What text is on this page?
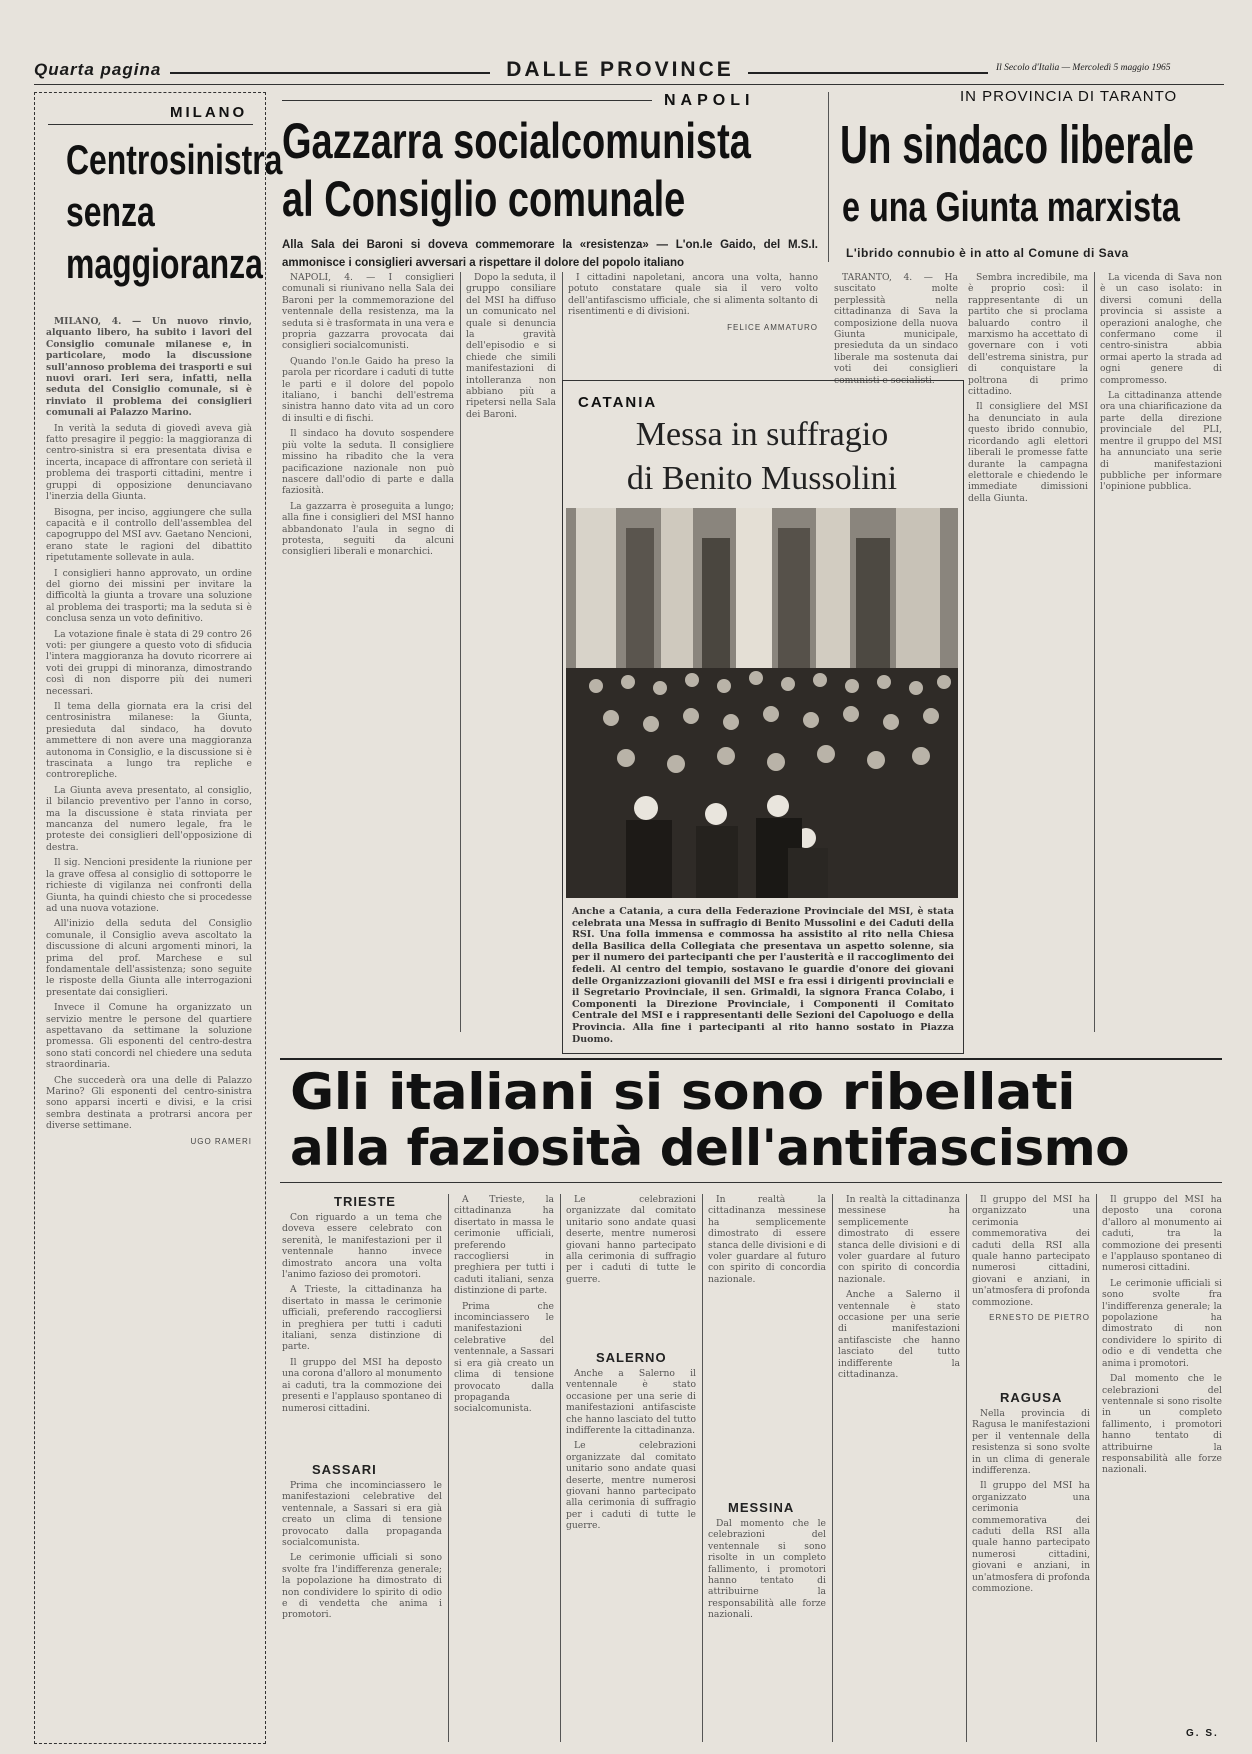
Quarta pagina	DALLE PROVINCE	Il Secolo d'Italia — Mercoledì 5 maggio 1965
MILANO
Centrosinistra
senza
maggioranza

MILANO, 4. — Un nuovo rinvio, alquanto libero, ha subito i lavori del Consiglio comunale milanese e, in particolare, modo la discussione sull'annoso problema dei trasporti e sui nuovi orari. Ieri sera, infatti, nella seduta del Consiglio comunale, si è rinviato il problema dei consiglieri comunali ai Palazzo Marino.

In verità la seduta di giovedì aveva già fatto presagire il peggio: la maggioranza di centro-sinistra si era presentata divisa e incerta, incapace di affrontare con serietà il problema dei trasporti cittadini, mentre i gruppi di opposizione denunciavano l'inerzia della Giunta.

Bisogna, per inciso, aggiungere che sulla capacità e il controllo dell'assemblea del capogruppo del MSI avv. Gaetano Nencioni, erano state le ragioni del dibattito ripetutamente sollevate in aula.

I consiglieri hanno approvato, un ordine del giorno dei missini per invitare la difficoltà la giunta a trovare una soluzione al problema dei trasporti; ma la seduta si è conclusa senza un voto definitivo.

La votazione finale è stata di 29 contro 26 voti: per giungere a questo voto di sfiducia l'intera maggioranza ha dovuto ricorrere ai voti dei gruppi di minoranza, dimostrando così di non disporre più dei numeri necessari.

Il tema della giornata era la crisi del centrosinistra milanese: la Giunta, presieduta dal sindaco, ha dovuto ammettere di non avere una maggioranza autonoma in Consiglio, e la discussione si è trascinata a lungo tra repliche e controrepliche.

La Giunta aveva presentato, al consiglio, il bilancio preventivo per l'anno in corso, ma la discussione è stata rinviata per mancanza del numero legale, fra le proteste dei consiglieri dell'opposizione di destra.

Il sig. Nencioni presidente la riunione per la grave offesa al consiglio di sottoporre le richieste di vigilanza nei confronti della Giunta, ha quindi chiesto che si procedesse ad una nuova votazione.

All'inizio della seduta del Consiglio comunale, il Consiglio aveva ascoltato la discussione di alcuni argomenti minori, la prima del prof. Marchese e sul fondamentale dell'assistenza; sono seguite le risposte della Giunta alle interrogazioni presentate dai consiglieri.

Invece il Comune ha organizzato un servizio mentre le persone del quartiere aspettavano da settimane la soluzione promessa. Gli esponenti del centro-destra sono stati concordi nel chiedere una seduta straordinaria.

Che succederà ora una delle di Palazzo Marino? Gli esponenti del centro-sinistra sono apparsi incerti e divisi, e la crisi sembra destinata a protrarsi ancora per diverse settimane.

UGO RAMERI
NAPOLI
Gazzarra socialcomunista
al Consiglio comunale
Alla Sala dei Baroni si doveva commemorare la «resistenza» — L'on.le Gaido, del M.S.I. ammonisce i consiglieri avversari a rispettare il dolore del popolo italiano

NAPOLI, 4. — I consiglieri comunali si riunivano nella Sala dei Baroni per la commemorazione del ventennale della resistenza, ma la seduta si è trasformata in una vera e propria gazzarra provocata dai consiglieri socialcomunisti.

Quando l'on.le Gaido ha preso la parola per ricordare i caduti di tutte le parti e il dolore del popolo italiano, i banchi dell'estrema sinistra hanno dato vita ad un coro di insulti e di fischi.

Il sindaco ha dovuto sospendere più volte la seduta. Il consigliere missino ha ribadito che la vera pacificazione nazionale non può nascere dall'odio di parte e dalla faziosità.

La gazzarra è proseguita a lungo; alla fine i consiglieri del MSI hanno abbandonato l'aula in segno di protesta, seguiti da alcuni consiglieri liberali e monarchici.

Dopo la seduta, il gruppo consiliare del MSI ha diffuso un comunicato nel quale si denuncia la gravità dell'episodio e si chiede che simili manifestazioni di intolleranza non abbiano più a ripetersi nella Sala dei Baroni.

I cittadini napoletani, ancora una volta, hanno potuto constatare quale sia il vero volto dell'antifascismo ufficiale, che si alimenta soltanto di risentimenti e di divisioni.

FELICE AMMATURO
CATANIA
Messa in suffragio
di Benito Mussolini
Anche a Catania, a cura della Federazione Provinciale del MSI, è stata celebrata una Messa in suffragio di Benito Mussolini e dei Caduti della RSI. Una folla immensa e commossa ha assistito al rito nella Chiesa della Basilica della Collegiata che presentava un aspetto solenne, sia per il numero dei partecipanti che per l'austerità e il raccoglimento dei fedeli. Al centro del tempio, sostavano le guardie d'onore dei giovani delle Organizzazioni giovanili del MSI e fra essi i dirigenti provinciali e il Segretario Provinciale, il sen. Grimaldi, la signora Franca Colabo, i Componenti la Direzione Provinciale, i Componenti il Comitato Centrale del MSI e i rappresentanti delle Sezioni del Capoluogo e della Provincia. Alla fine i partecipanti al rito hanno sostato in Piazza Duomo.
IN PROVINCIA DI TARANTO
Un sindaco liberale
e una Giunta marxista
L'ibrido connubio è in atto al Comune di Sava

TARANTO, 4. — Ha suscitato molte perplessità nella cittadinanza di Sava la composizione della nuova Giunta municipale, presieduta da un sindaco liberale ma sostenuta dai voti dei consiglieri comunisti e socialisti.

Sembra incredibile, ma è proprio così: il rappresentante di un partito che si proclama baluardo contro il marxismo ha accettato di governare con i voti dell'estrema sinistra, pur di conquistare la poltrona di primo cittadino.

Il consigliere del MSI ha denunciato in aula questo ibrido connubio, ricordando agli elettori liberali le promesse fatte durante la campagna elettorale e chiedendo le immediate dimissioni della Giunta.

La vicenda di Sava non è un caso isolato: in diversi comuni della provincia si assiste a operazioni analoghe, che confermano come il centro-sinistra abbia ormai aperto la strada ad ogni genere di compromesso.

La cittadinanza attende ora una chiarificazione da parte della direzione provinciale del PLI, mentre il gruppo del MSI ha annunciato una serie di manifestazioni pubbliche per informare l'opinione pubblica.

Gli italiani si sono ribellati
alla faziosità dell'antifascismo
TRIESTE

Con riguardo a un tema che doveva essere celebrato con serenità, le manifestazioni per il ventennale hanno invece dimostrato ancora una volta l'animo fazioso dei promotori.

A Trieste, la cittadinanza ha disertato in massa le cerimonie ufficiali, preferendo raccogliersi in preghiera per tutti i caduti italiani, senza distinzione di parte.

Il gruppo del MSI ha deposto una corona d'alloro al monumento ai caduti, tra la commozione dei presenti e l'applauso spontaneo di numerosi cittadini.

SASSARI

Prima che incominciassero le manifestazioni celebrative del ventennale, a Sassari si era già creato un clima di tensione provocato dalla propaganda socialcomunista.

Le cerimonie ufficiali si sono svolte fra l'indifferenza generale; la popolazione ha dimostrato di non condividere lo spirito di odio e di vendetta che anima i promotori.

A Trieste, la cittadinanza ha disertato in massa le cerimonie ufficiali, preferendo raccogliersi in preghiera per tutti i caduti italiani, senza distinzione di parte.

Prima che incominciassero le manifestazioni celebrative del ventennale, a Sassari si era già creato un clima di tensione provocato dalla propaganda socialcomunista.

Le celebrazioni organizzate dal comitato unitario sono andate quasi deserte, mentre numerosi giovani hanno partecipato alla cerimonia di suffragio per i caduti di tutte le guerre.

SALERNO

Anche a Salerno il ventennale è stato occasione per una serie di manifestazioni antifasciste che hanno lasciato del tutto indifferente la cittadinanza.

Le celebrazioni organizzate dal comitato unitario sono andate quasi deserte, mentre numerosi giovani hanno partecipato alla cerimonia di suffragio per i caduti di tutte le guerre.

In realtà la cittadinanza messinese ha semplicemente dimostrato di essere stanca delle divisioni e di voler guardare al futuro con spirito di concordia nazionale.

MESSINA

Dal momento che le celebrazioni del ventennale si sono risolte in un completo fallimento, i promotori hanno tentato di attribuirne la responsabilità alle forze nazionali.

In realtà la cittadinanza messinese ha semplicemente dimostrato di essere stanca delle divisioni e di voler guardare al futuro con spirito di concordia nazionale.

Anche a Salerno il ventennale è stato occasione per una serie di manifestazioni antifasciste che hanno lasciato del tutto indifferente la cittadinanza.

Il gruppo del MSI ha organizzato una cerimonia commemorativa dei caduti della RSI alla quale hanno partecipato numerosi cittadini, giovani e anziani, in un'atmosfera di profonda commozione.

ERNESTO DE PIETRO
RAGUSA

Nella provincia di Ragusa le manifestazioni per il ventennale della resistenza si sono svolte in un clima di generale indifferenza.

Il gruppo del MSI ha organizzato una cerimonia commemorativa dei caduti della RSI alla quale hanno partecipato numerosi cittadini, giovani e anziani, in un'atmosfera di profonda commozione.

Il gruppo del MSI ha deposto una corona d'alloro al monumento ai caduti, tra la commozione dei presenti e l'applauso spontaneo di numerosi cittadini.

Le cerimonie ufficiali si sono svolte fra l'indifferenza generale; la popolazione ha dimostrato di non condividere lo spirito di odio e di vendetta che anima i promotori.

Dal momento che le celebrazioni del ventennale si sono risolte in un completo fallimento, i promotori hanno tentato di attribuirne la responsabilità alle forze nazionali.

G. S.
